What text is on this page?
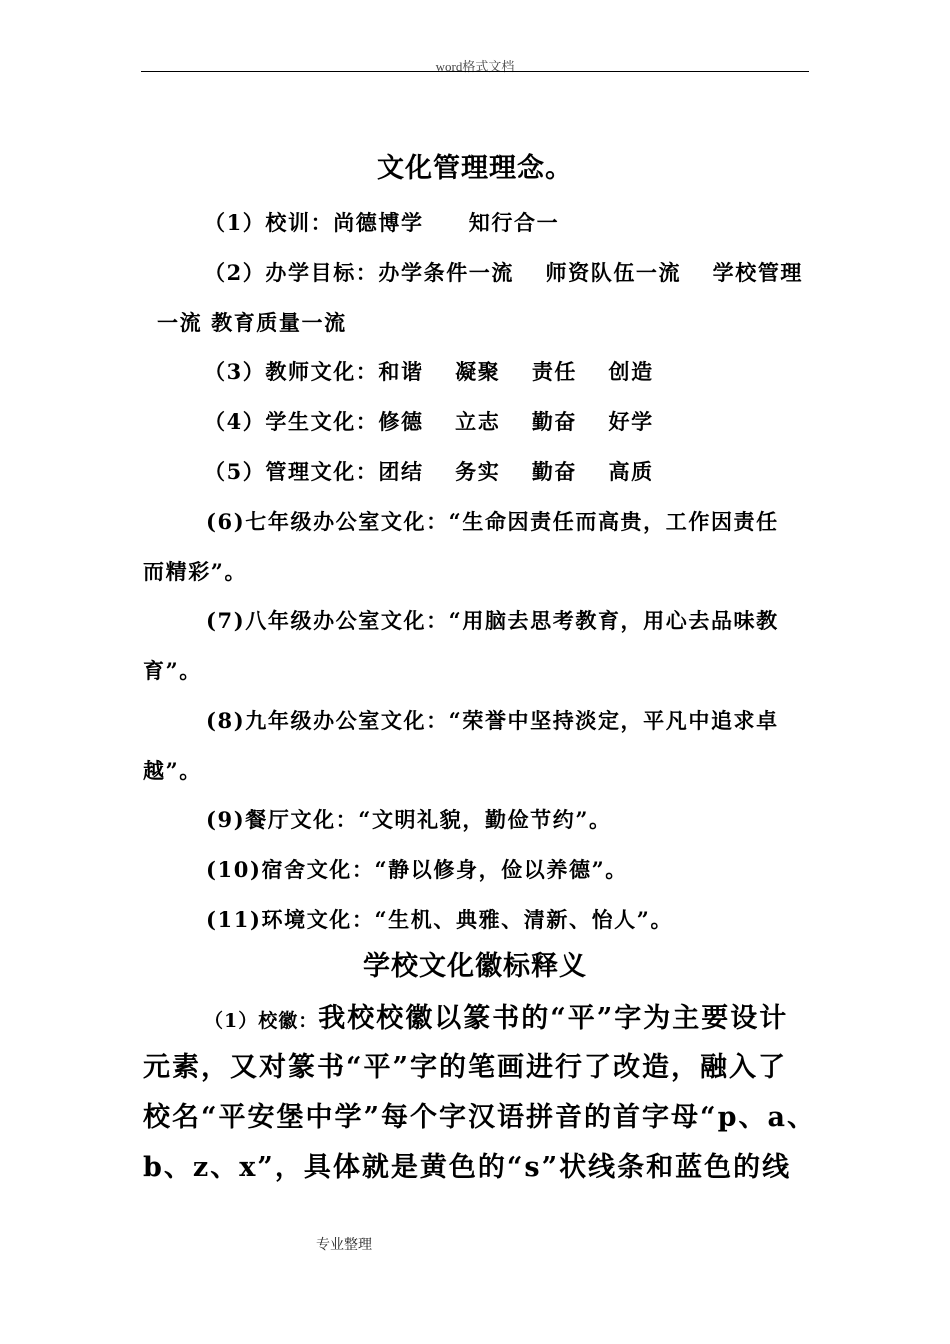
word格式文档
文化管理理念。
（1）校训：尚德博学　　知行合一
（2）办学目标：办学条件一流　 师资队伍一流　 学校管理
一流 教育质量一流
（3）教师文化：和谐　 凝聚　 责任　 创造
（4）学生文化：修德　 立志　 勤奋　 好学
（5）管理文化：团结　 务实　 勤奋　 高质
(6)七年级办公室文化：“生命因责任而高贵，工作因责任
而精彩”。
(7)八年级办公室文化：“用脑去思考教育，用心去品味教
育”。
(8)九年级办公室文化：“荣誉中坚持淡定，平凡中追求卓
越”。
(9)餐厅文化：“文明礼貌，勤俭节约”。
(10)宿舍文化：“静以修身，俭以养德”。
(11)环境文化：“生机、典雅、清新、怡人”。
学校文化徽标释义
（1）校徽：我校校徽以篆书的“平”字为主要设计
元素，又对篆书“平”字的笔画进行了改造，融入了
校名“平安堡中学”每个字汉语拼音的首字母“p、a、
b、z、x”，具体就是黄色的“s”状线条和蓝色的线
专业整理
